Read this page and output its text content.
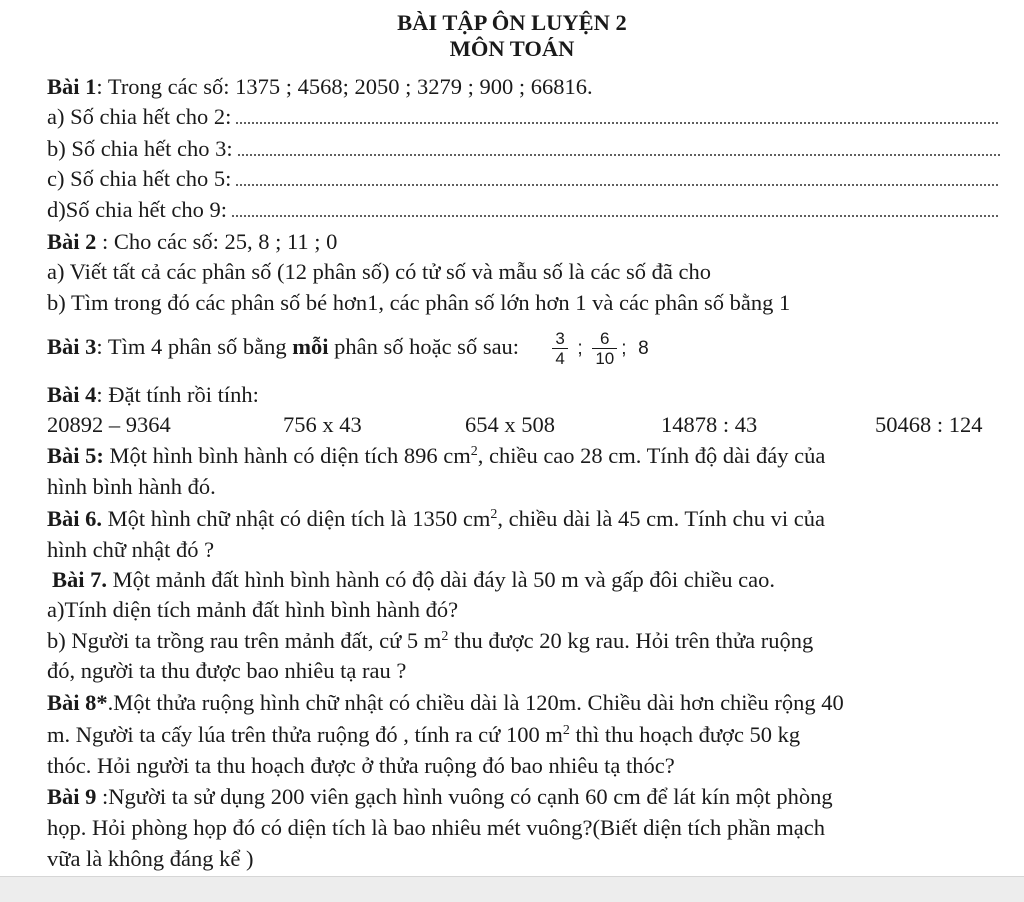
BÀI TẬP ÔN LUYỆN 2
MÔN TOÁN
Bài 1: Trong các số: 1375 ; 4568; 2050 ; 3279 ; 900 ; 66816.
a) Số chia hết cho 2:
b) Số chia hết cho 3:
c) Số chia hết cho 5:
d)Số chia hết cho 9:
Bài 2 : Cho các số: 25, 8 ; 11 ; 0
a) Viết tất cả các phân số (12 phân số) có tử số và mẫu số là các số đã cho
b) Tìm trong đó các phân số bé hơn1, các phân số lớn hơn 1 và các phân số bằng 1
Bài 3: Tìm 4 phân số bằng mỗi phân số hoặc số sau: $\frac{3}{4}$ ; $\frac{6}{10}$ ; 8
Bài 4: Đặt tính rồi tính:
20892 – 9364	756 x 43	654 x 508	14878 : 43	50468 : 124
Bài 5: Một hình bình hành có diện tích 896 $cm^2$, chiều cao 28 cm. Tính độ dài đáy của
hình bình hành đó.
Bài 6. Một hình chữ nhật có diện tích là 1350 $cm^2$, chiều dài là 45 cm. Tính chu vi của
hình chữ nhật đó ?
Bài 7. Một mảnh đất hình bình hành có độ dài đáy là 50 m và gấp đôi chiều cao.
a)Tính diện tích mảnh đất hình bình hành đó?
b) Người ta trồng rau trên mảnh đất, cứ 5 $m^2$ thu được 20 kg rau. Hỏi trên thửa ruộng
đó, người ta thu được bao nhiêu tạ rau ?
Bài 8*.Một thửa ruộng hình chữ nhật có chiều dài là 120m. Chiều dài hơn chiều rộng 40
m. Người ta cấy lúa trên thửa ruộng đó , tính ra cứ 100 $m^2$ thì thu hoạch được 50 kg
thóc. Hỏi người ta thu hoạch được ở thửa ruộng đó bao nhiêu tạ thóc?
Bài 9 :Người ta sử dụng 200 viên gạch hình vuông có cạnh 60 cm để lát kín một phòng
họp. Hỏi phòng họp đó có diện tích là bao nhiêu mét vuông?(Biết diện tích phần mạch
vữa là không đáng kể )
